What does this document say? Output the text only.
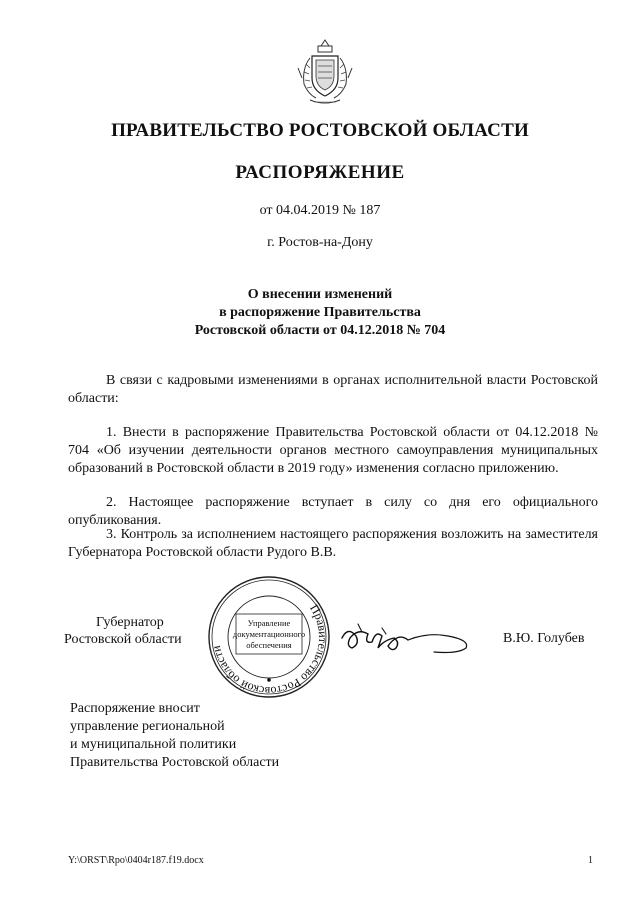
ПРАВИТЕЛЬСТВО РОСТОВСКОЙ ОБЛАСТИ
РАСПОРЯЖЕНИЕ
от 04.04.2019 № 187
г. Ростов-на-Дону
О внесении изменений
в распоряжение Правительства
Ростовской области от 04.12.2018 № 704
В связи с кадровыми изменениями в органах исполнительной власти Ростовской области:
1. Внести в распоряжение Правительства Ростовской области от 04.12.2018 № 704 «Об изучении деятельности органов местного самоуправления муниципальных образований в Ростовской области в 2019 году» изменения согласно приложению.
2. Настоящее распоряжение вступает в силу со дня его официального опубликования.
3. Контроль за исполнением настоящего распоряжения возложить на заместителя Губернатора Ростовской области Рудого В.В.
Губернатор
Ростовской области
Правительство Ростовской области
Управление
документационного
обеспечения	В.Ю. Голубев
Распоряжение вносит
управление региональной
и муниципальной политики
Правительства Ростовской области
Y:\ORST\Rpo\0404r187.f19.docx	1
